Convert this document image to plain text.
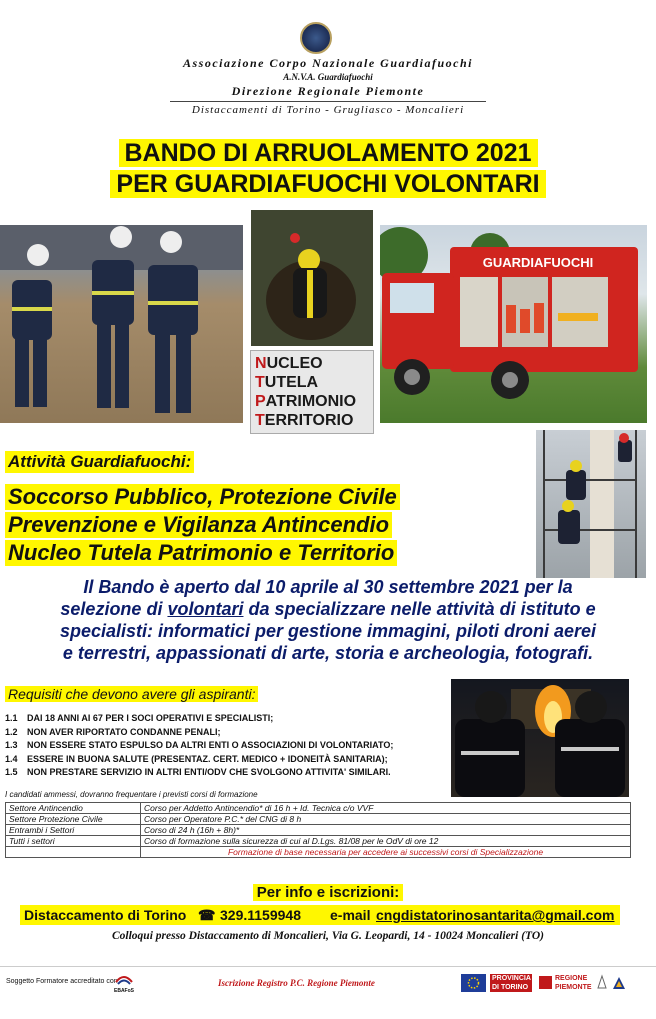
Associazione Corpo Nazionale Guardiafuochi
A.N.V.A. Guardiafuochi
Direzione Regionale Piemonte
Distaccamenti di Torino - Grugliasco - Moncalieri
BANDO DI ARRUOLAMENTO 2021
PER GUARDIAFUOCHI VOLONTARI
NUCLEO
TUTELA
PATRIMONIO
TERRITORIO
GUARDIAFUOCHI
Attività Guardiafuochi:
Soccorso Pubblico, Protezione Civile
Prevenzione e Vigilanza Antincendio
Nucleo Tutela Patrimonio e Territorio
Il Bando è aperto dal 10 aprile al 30 settembre 2021 per la
selezione di volontari da specializzare nelle attività di istituto e
specialisti: informatici per gestione immagini, piloti droni aerei
e terrestri, appassionati di arte, storia e archeologia, fotografi.
Requisiti che devono avere gli aspiranti:
1.1 DAI 18 ANNI AI 67 PER I SOCI OPERATIVI E SPECIALISTI;
1.2 NON AVER RIPORTATO CONDANNE PENALI;
1.3 NON ESSERE STATO ESPULSO DA ALTRI ENTI O ASSOCIAZIONI DI VOLONTARIATO;
1.4 ESSERE IN BUONA SALUTE (PRESENTAZ. CERT. MEDICO + IDONEITÀ SANITARIA);
1.5 NON PRESTARE SERVIZIO IN ALTRI ENTI/ODV CHE SVOLGONO ATTIVITA' SIMILARI.
I candidati ammessi, dovranno frequentare i previsti corsi di formazione
Settore Antincendio	Corso per Addetto Antincendio* di 16 h + Id. Tecnica c/o VVF
Settore Protezione Civile	Corso per Operatore P.C.* del CNG di 8 h
Entrambi i Settori	Corso di 24 h (16h + 8h)*
Tutti i settori	Corso di formazione sulla sicurezza di cui al D.Lgs. 81/08 per le OdV di ore 12
	Formazione di base necessaria per accedere ai successivi corsi di Specializzazione
Per info e iscrizioni:
Distaccamento di Torino ☎ 329.1159948 e-mail cngdistatorinosantarita@gmail.com
Colloqui presso Distaccamento di Moncalieri, Via G. Leopardi, 14 - 10024 Moncalieri (TO)
Soggetto Formatore accreditato con
EBAFoS
Iscrizione Registro P.C. Regione Piemonte	PROVINCIA
DI TORINO
REGIONE
PIEMONTE
